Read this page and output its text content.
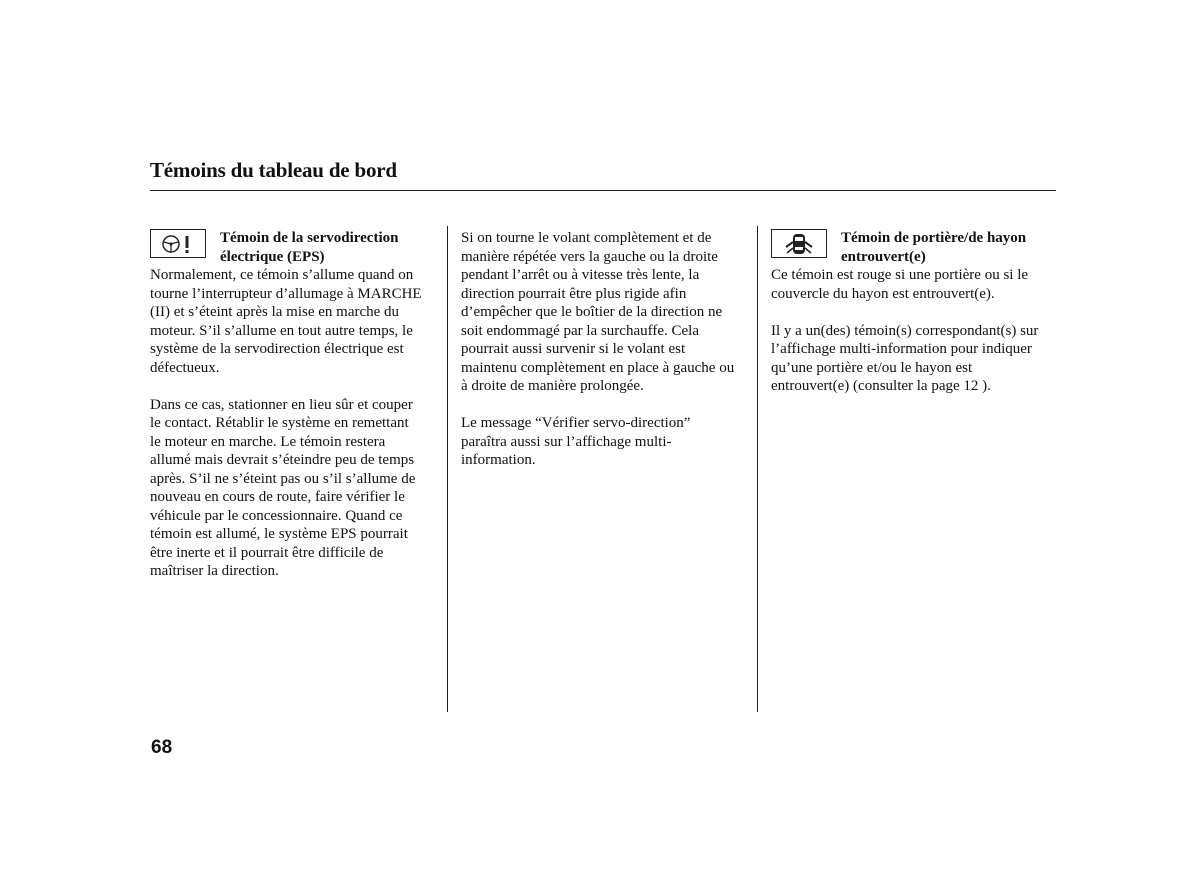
Témoins du tableau de bord
Témoin de la servodirection
électrique (EPS)
Normalement, ce témoin s’allume quand on
tourne l’interrupteur d’allumage à MARCHE
(II) et s’éteint après la mise en marche du
moteur. S’il s’allume en tout autre temps, le
système de la servodirection électrique est
défectueux.
Dans ce cas, stationner en lieu sûr et couper
le contact. Rétablir le système en remettant
le moteur en marche. Le témoin restera
allumé mais devrait s’éteindre peu de temps
après. S’il ne s’éteint pas ou s’il s’allume de
nouveau en cours de route, faire vérifier le
véhicule par le concessionnaire. Quand ce
témoin est allumé, le système EPS pourrait
être inerte et il pourrait être difficile de
maîtriser la direction.
Si on tourne le volant complètement et de
manière répétée vers la gauche ou la droite
pendant l’arrêt ou à vitesse très lente, la
direction pourrait être plus rigide afin
d’empêcher que le boîtier de la direction ne
soit endommagé par la surchauffe. Cela
pourrait aussi survenir si le volant est
maintenu complètement en place à gauche ou
à droite de manière prolongée.
Le message “Vérifier servo-direction”
paraîtra aussi sur l’affichage multi-
information.
Témoin de portière/de hayon
entrouvert(e)
Ce témoin est rouge si une portière ou si le
couvercle du hayon est entrouvert(e).
Il y a un(des) témoin(s) correspondant(s) sur
l’affichage multi-information pour indiquer
qu’une portière et/ou le hayon est
entrouvert(e) (consulter la page 12 ).
68
